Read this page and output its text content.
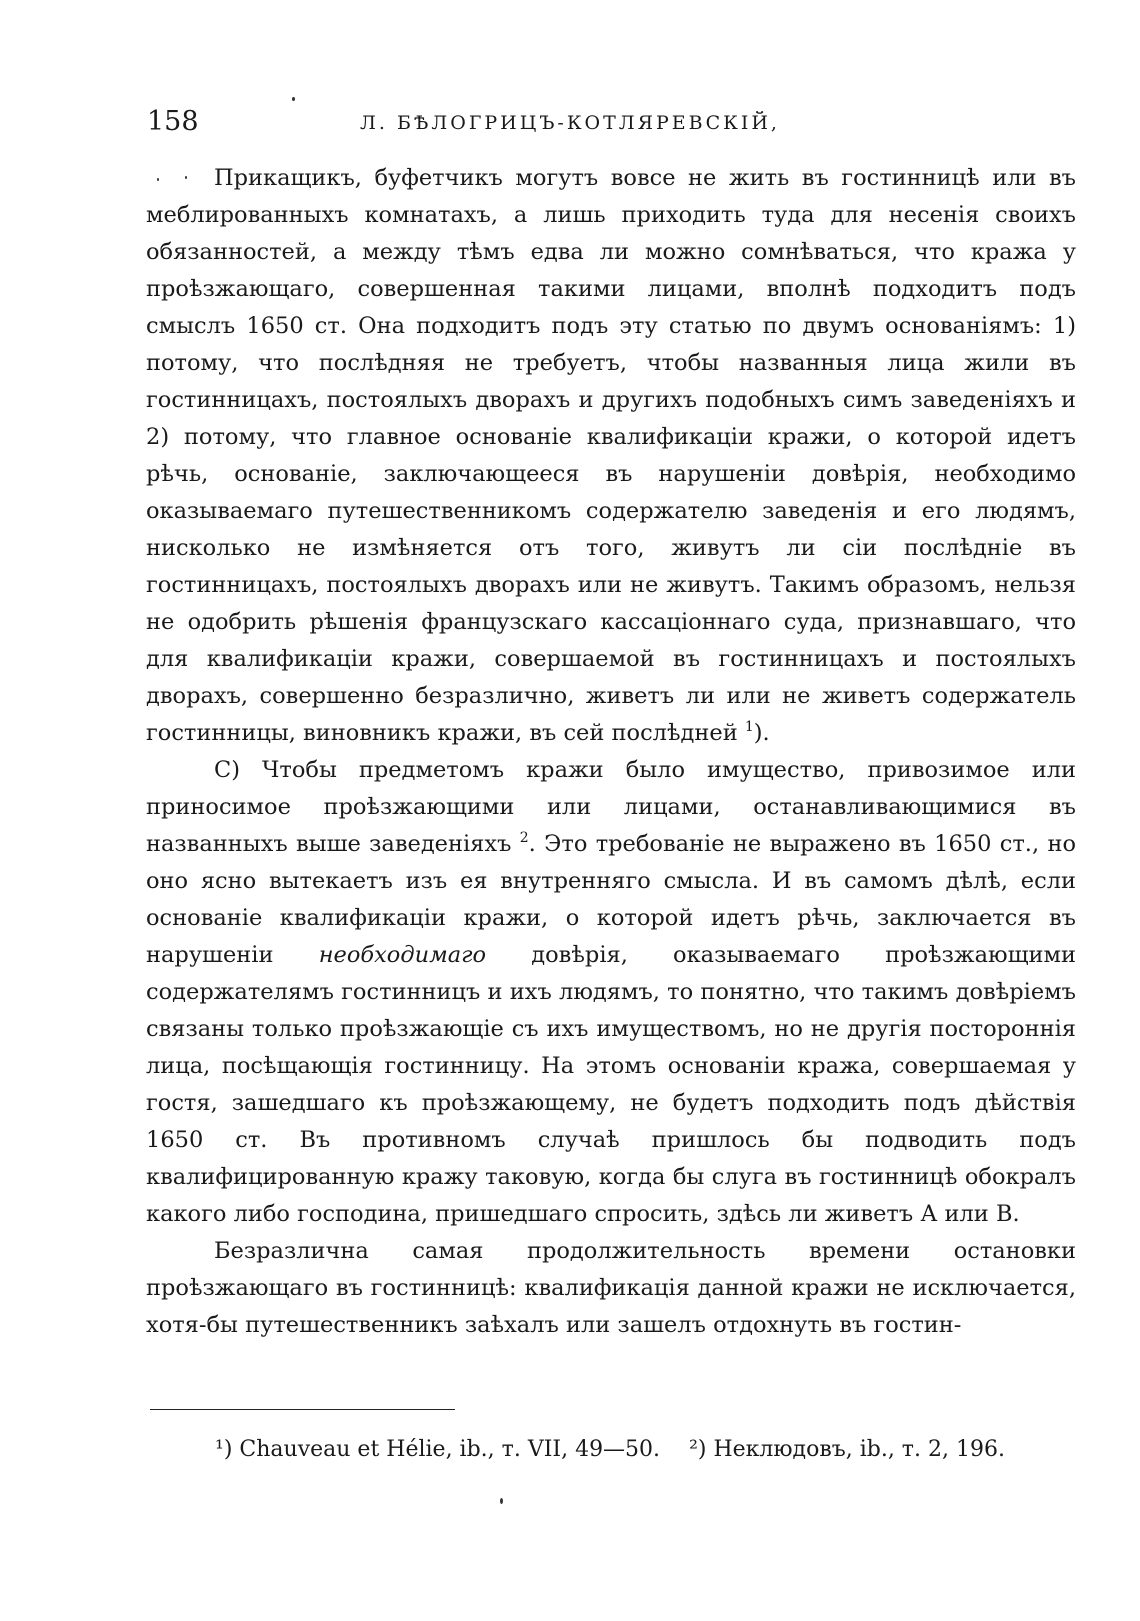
158	Л. БѢЛОГРИЦЪ-КОТЛЯРЕВСКІЙ,

Прикащикъ, буфетчикъ могутъ вовсе не жить въ гостинницѣ или въ меблированныхъ комнатахъ, а лишь приходить туда для несенія своихъ обязанностей, а между тѣмъ едва ли можно сомнѣваться, что кража у проѣзжающаго, совершенная такими лицами, вполнѣ подходитъ подъ смыслъ 1650 ст. Она подходитъ подъ эту статью по двумъ основаніямъ: 1) потому, что послѣдняя не требуетъ, чтобы названныя лица жили въ гостинницахъ, постоялыхъ дворахъ и другихъ подобныхъ симъ заведеніяхъ и 2) потому, что главное основаніе квалификаціи кражи, о которой идетъ рѣчь, основаніе, заключающееся въ нарушеніи довѣрія, необходимо оказываемаго путешественникомъ содержателю заведенія и его людямъ, нисколько не измѣняется отъ того, живутъ ли сіи послѣдніе въ гостинницахъ, постоялыхъ дворахъ или не живутъ. Такимъ образомъ, нельзя не одобрить рѣшенія французскаго кассаціоннаго суда, признавшаго, что для квалификаціи кражи, совершаемой въ гостинницахъ и постоялыхъ дворахъ, совершенно безразлично, живетъ ли или не живетъ содержатель гостинницы, виновникъ кражи, въ сей послѣдней $^1$).

С) Чтобы предметомъ кражи было имущество, привозимое или приносимое проѣзжающими или лицами, останавливающимися въ названныхъ выше заведеніяхъ $^2$. Это требованіе не выражено въ 1650 ст., но оно ясно вытекаетъ изъ ея внутренняго смысла. И въ самомъ дѣлѣ, если основаніе квалификаціи кражи, о которой идетъ рѣчь, заключается въ нарушеніи необходимаго довѣрія, оказываемаго проѣзжающими содержателямъ гостинницъ и ихъ людямъ, то понятно, что такимъ довѣріемъ связаны только проѣзжающіе съ ихъ имуществомъ, но не другія постороннія лица, посѣщающія гостинницу. На этомъ основаніи кража, совершаемая у гостя, зашедшаго къ проѣзжающему, не будетъ подходить подъ дѣйствія 1650 ст. Въ противномъ случаѣ пришлось бы подводить подъ квалифицированную кражу таковую, когда бы слуга въ гостинницѣ обокралъ какого либо господина, пришедшаго спросить, здѣсь ли живетъ А или В.

Безразлична самая продолжительность времени остановки проѣзжающаго въ гостинницѣ: квалификація данной кражи не исключается, хотя-бы путешественникъ заѣхалъ или зашелъ отдохнуть въ гостин-

¹) Chauveau et Hélie, ib., т. VII, 49—50. ²) Неклюдовъ, ib., т. 2, 196.
